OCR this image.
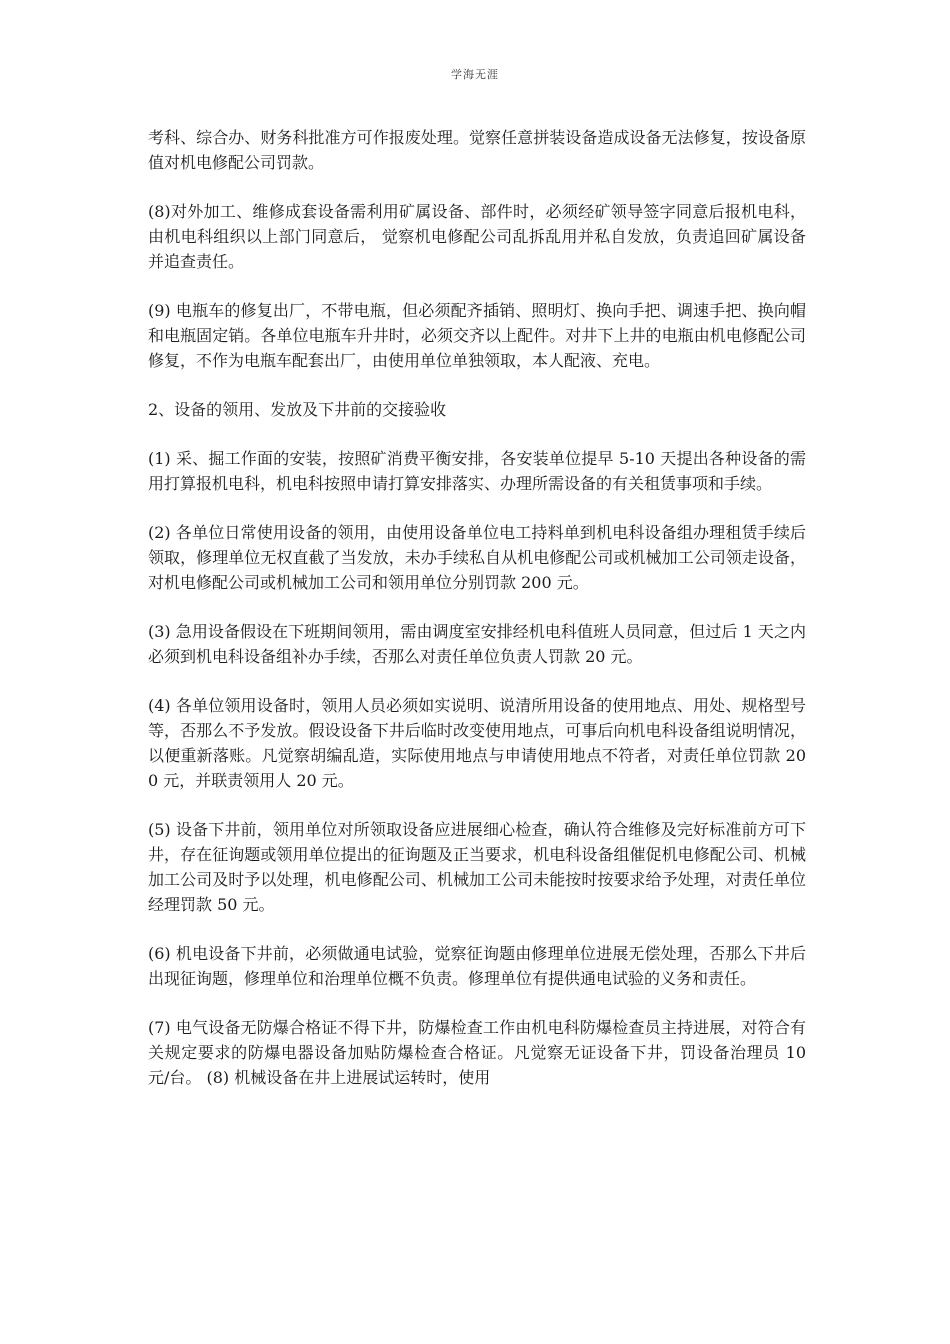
学海无涯

考科、综合办、财务科批准方可作报废处理。觉察任意拼装设备造成设备无法修复，按设备原值对机电修配公司罚款。

(8)对外加工、维修成套设备需利用矿属设备、部件时，必须经矿领导签字同意后报机电科，由机电科组织以上部门同意后， 觉察机电修配公司乱拆乱用并私自发放，负责追回矿属设备并追查责任。

(9) 电瓶车的修复出厂，不带电瓶，但必须配齐插销、照明灯、换向手把、调速手把、换向帽和电瓶固定销。各单位电瓶车升井时，必须交齐以上配件。对井下上井的电瓶由机电修配公司修复，不作为电瓶车配套出厂，由使用单位单独领取，本人配液、充电。

2、设备的领用、发放及下井前的交接验收

(1) 采、掘工作面的安装，按照矿消费平衡安排，各安装单位提早 5-10 天提出各种设备的需用打算报机电科，机电科按照申请打算安排落实、办理所需设备的有关租赁事项和手续。

(2) 各单位日常使用设备的领用，由使用设备单位电工持料单到机电科设备组办理租赁手续后领取，修理单位无权直截了当发放，未办手续私自从机电修配公司或机械加工公司领走设备，对机电修配公司或机械加工公司和领用单位分别罚款 200 元。

(3) 急用设备假设在下班期间领用，需由调度室安排经机电科值班人员同意，但过后 1 天之内必须到机电科设备组补办手续，否那么对责任单位负责人罚款 20 元。

(4) 各单位领用设备时，领用人员必须如实说明、说清所用设备的使用地点、用处、规格型号等，否那么不予发放。假设设备下井后临时改变使用地点，可事后向机电科设备组说明情况，以便重新落账。凡觉察胡编乱造，实际使用地点与申请使用地点不符者，对责任单位罚款 200 元，并联责领用人 20 元。

(5) 设备下井前，领用单位对所领取设备应进展细心检查，确认符合维修及完好标准前方可下井，存在征询题或领用单位提出的征询题及正当要求，机电科设备组催促机电修配公司、机械加工公司及时予以处理，机电修配公司、机械加工公司未能按时按要求给予处理，对责任单位经理罚款 50 元。

(6) 机电设备下井前，必须做通电试验，觉察征询题由修理单位进展无偿处理，否那么下井后出现征询题，修理单位和治理单位概不负责。修理单位有提供通电试验的义务和责任。

(7) 电气设备无防爆合格证不得下井，防爆检查工作由机电科防爆检查员主持进展，对符合有关规定要求的防爆电器设备加贴防爆检查合格证。凡觉察无证设备下井，罚设备治理员 10 元/台。 (8) 机械设备在井上进展试运转时，使用
